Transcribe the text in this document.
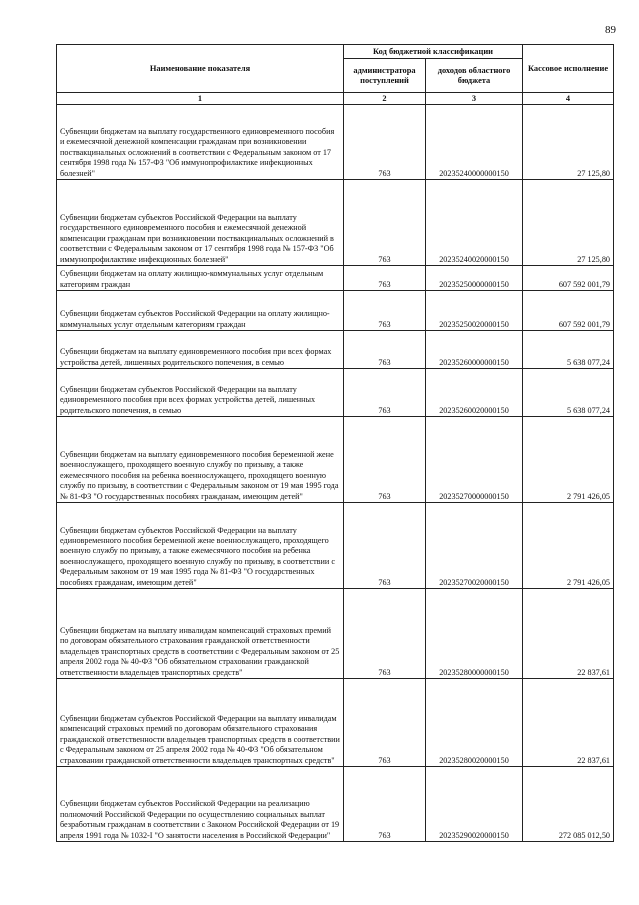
89
Наименование показателя	Код бюджетной классификации		Кассовое исполнение
	администратора поступлений	доходов областного бюджета	
1	2	3	4
Субвенции бюджетам на выплату государственного единовременного пособия и ежемесячной денежной компенсации гражданам при возникновении поствакцинальных осложнений в соответствии с Федеральным законом от 17 сентября 1998 года № 157-ФЗ "Об иммунопрофилактике инфекционных болезней"	763	20235240000000150	27 125,80
Субвенции бюджетам субъектов Российской Федерации на выплату государственного единовременного пособия и ежемесячной денежной компенсации гражданам при возникновении поствакцинальных осложнений в соответствии с Федеральным законом от 17 сентября 1998 года № 157-ФЗ "Об иммунопрофилактике инфекционных болезней"	763	20235240020000150	27 125,80
Субвенции бюджетам на оплату жилищно-коммунальных услуг отдельным категориям граждан	763	20235250000000150	607 592 001,79
Субвенции бюджетам субъектов Российской Федерации на оплату жилищно-коммунальных услуг отдельным категориям граждан	763	20235250020000150	607 592 001,79
Субвенции бюджетам на выплату единовременного пособия при всех формах устройства детей, лишенных родительского попечения, в семью	763	20235260000000150	5 638 077,24
Субвенции бюджетам субъектов Российской Федерации на выплату единовременного пособия при всех формах устройства детей, лишенных родительского попечения, в семью	763	20235260020000150	5 638 077,24
Субвенции бюджетам на выплату единовременного пособия беременной жене военнослужащего, проходящего военную службу по призыву, а также ежемесячного пособия на ребенка военнослужащего, проходящего военную службу по призыву, в соответствии с Федеральным законом от 19 мая 1995 года № 81-ФЗ "О государственных пособиях гражданам, имеющим детей"	763	20235270000000150	2 791 426,05
Субвенции бюджетам субъектов Российской Федерации на выплату единовременного пособия беременной жене военнослужащего, проходящего военную службу по призыву, а также ежемесячного пособия на ребенка военнослужащего, проходящего военную службу по призыву, в соответствии с Федеральным законом от 19 мая 1995 года № 81-ФЗ "О государственных пособиях гражданам, имеющим детей"	763	20235270020000150	2 791 426,05
Субвенции бюджетам на выплату инвалидам компенсаций страховых премий по договорам обязательного страхования гражданской ответственности владельцев транспортных средств в соответствии с Федеральным законом от 25 апреля 2002 года № 40-ФЗ "Об обязательном страховании гражданской ответственности владельцев транспортных средств"	763	20235280000000150	22 837,61
Субвенции бюджетам субъектов Российской Федерации на выплату инвалидам компенсаций страховых премий по договорам обязательного страхования гражданской ответственности владельцев транспортных средств в соответствии с Федеральным законом от 25 апреля 2002 года № 40-ФЗ "Об обязательном страховании гражданской ответственности владельцев транспортных средств"	763	20235280020000150	22 837,61
Субвенции бюджетам субъектов Российской Федерации на реализацию полномочий Российской Федерации по осуществлению социальных выплат безработным гражданам в соответствии с Законом Российской Федерации от 19 апреля 1991 года № 1032-I "О занятости населения в Российской Федерации"	763	20235290020000150	272 085 012,50
